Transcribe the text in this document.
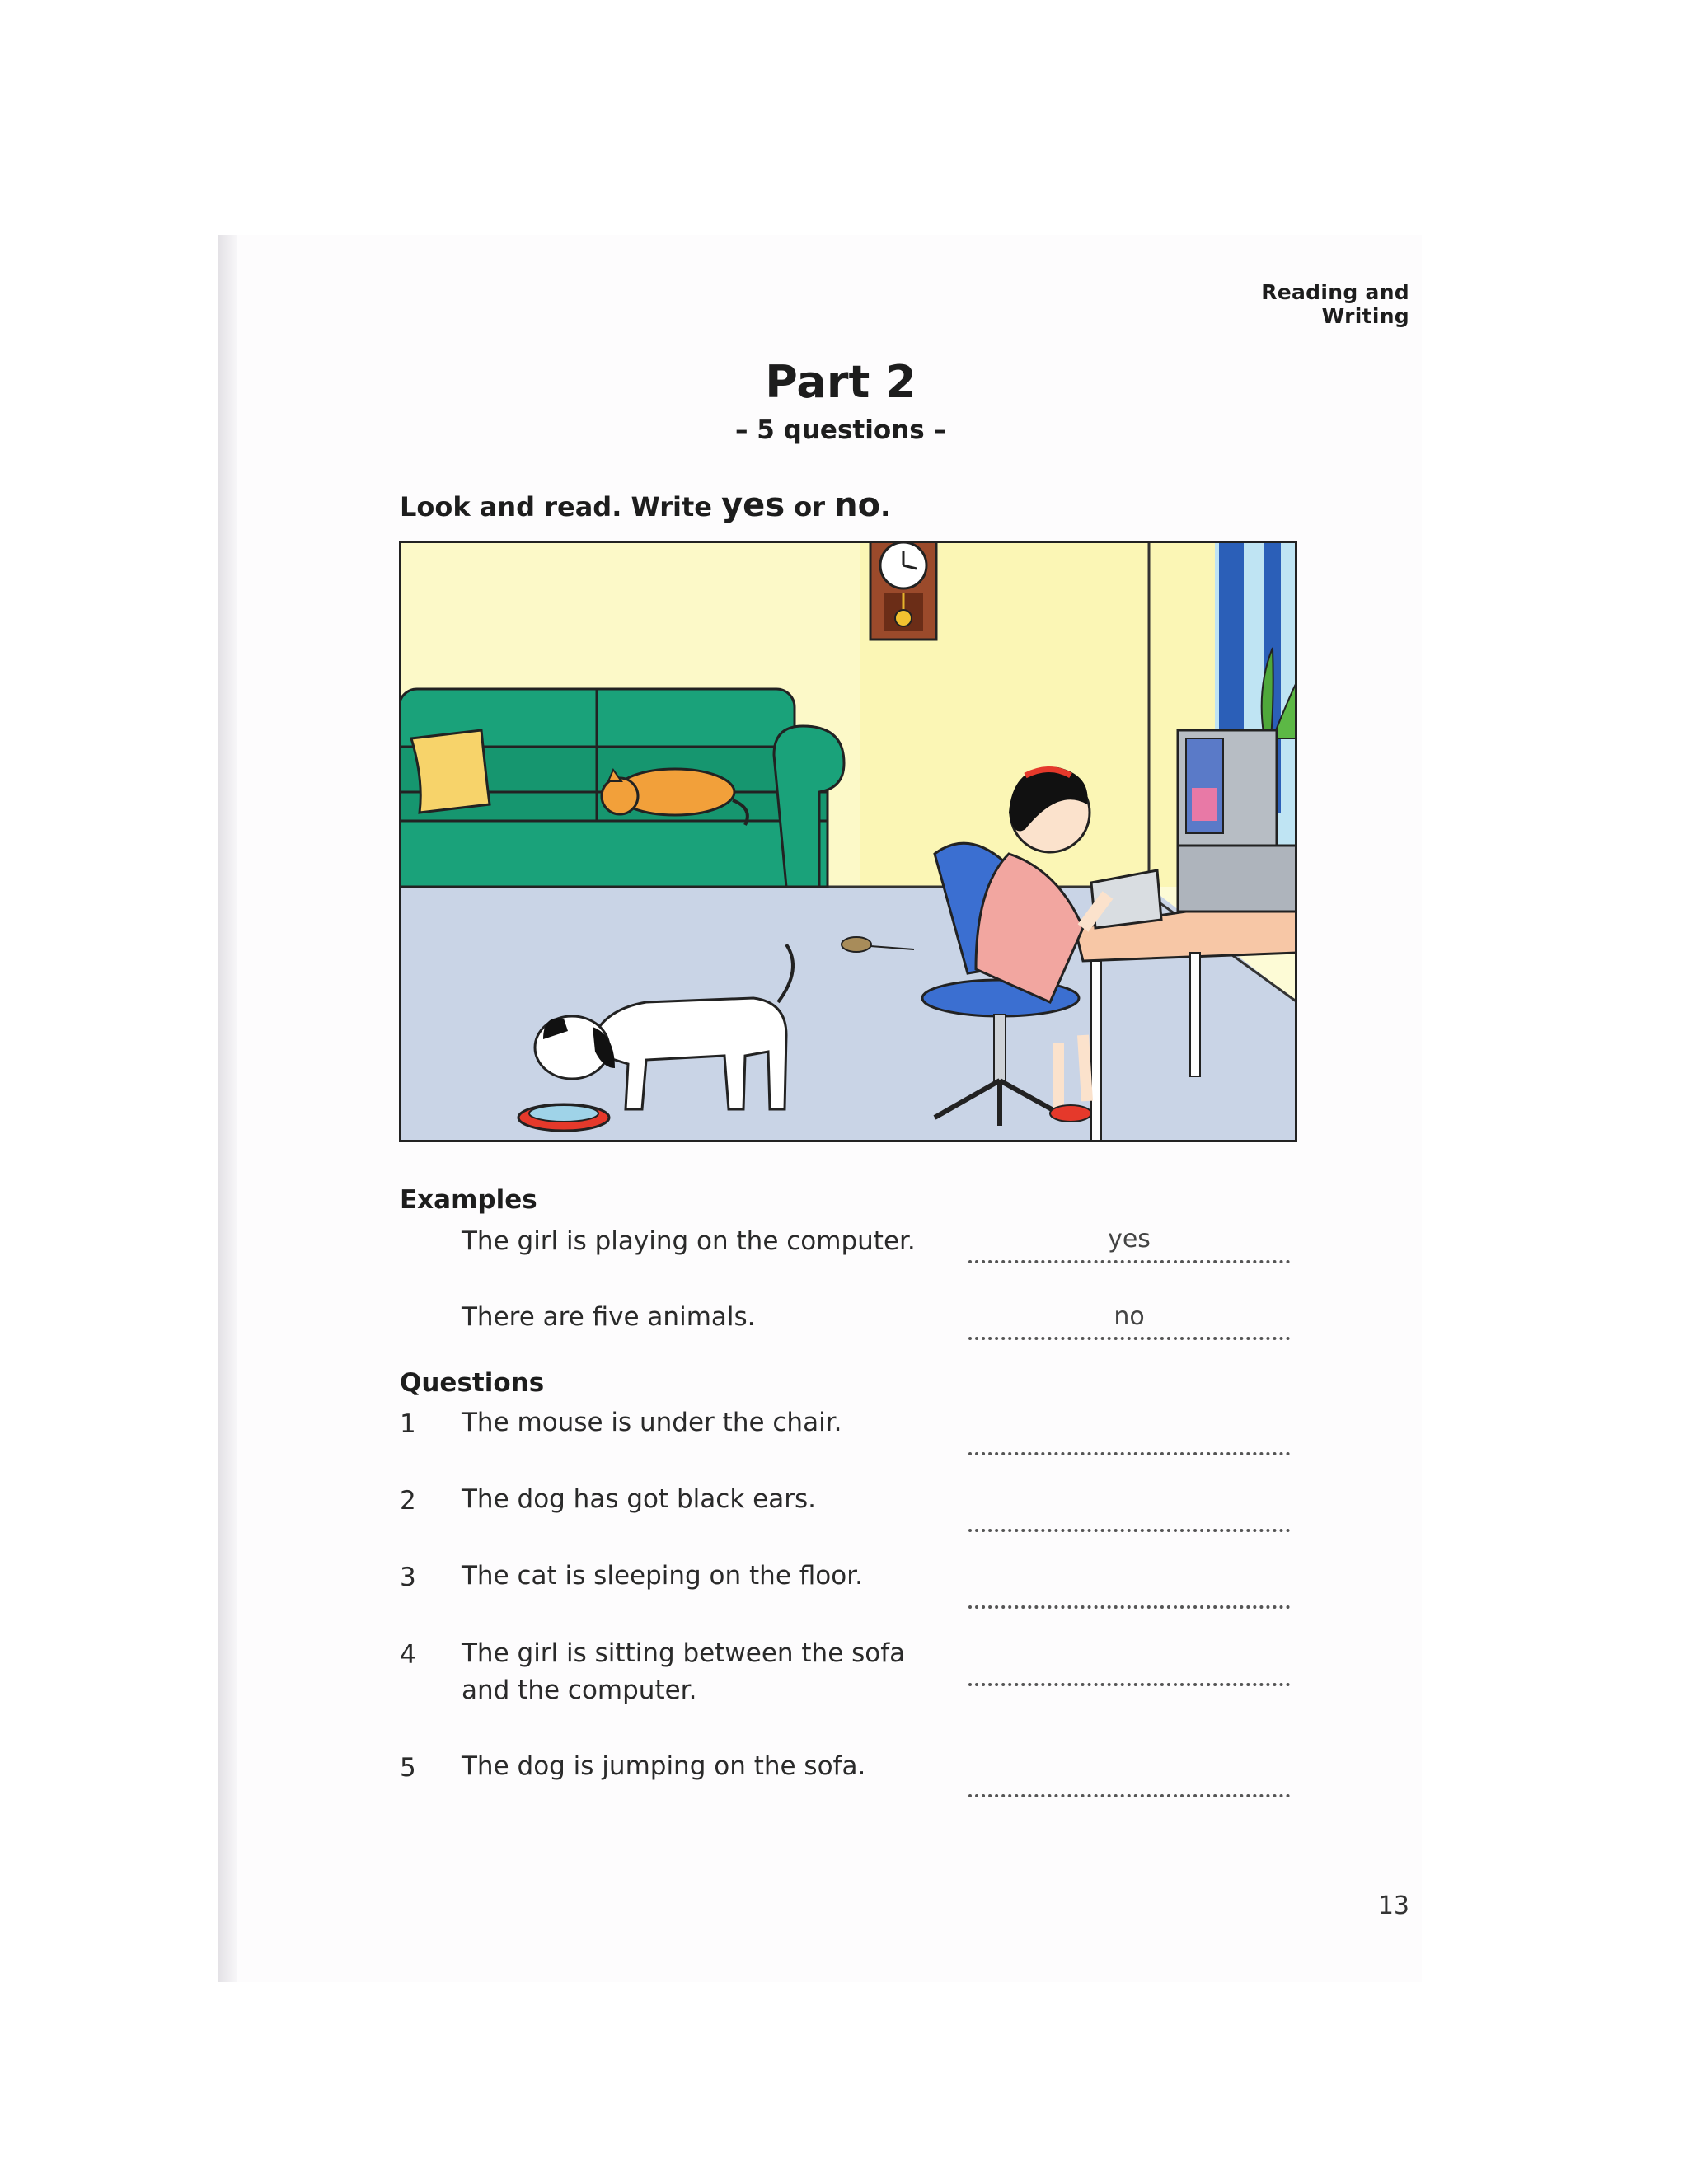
Reading and Writing
Part 2
– 5 questions –
Look and read. Write yes or no.
Examples
The girl is playing on the computer.	yes
There are five animals.	no
Questions
1 The mouse is under the chair.
2 The dog has got black ears.
3 The cat is sleeping on the floor.
4 The girl is sitting between the sofa
and the computer.
5 The dog is jumping on the sofa.
13
